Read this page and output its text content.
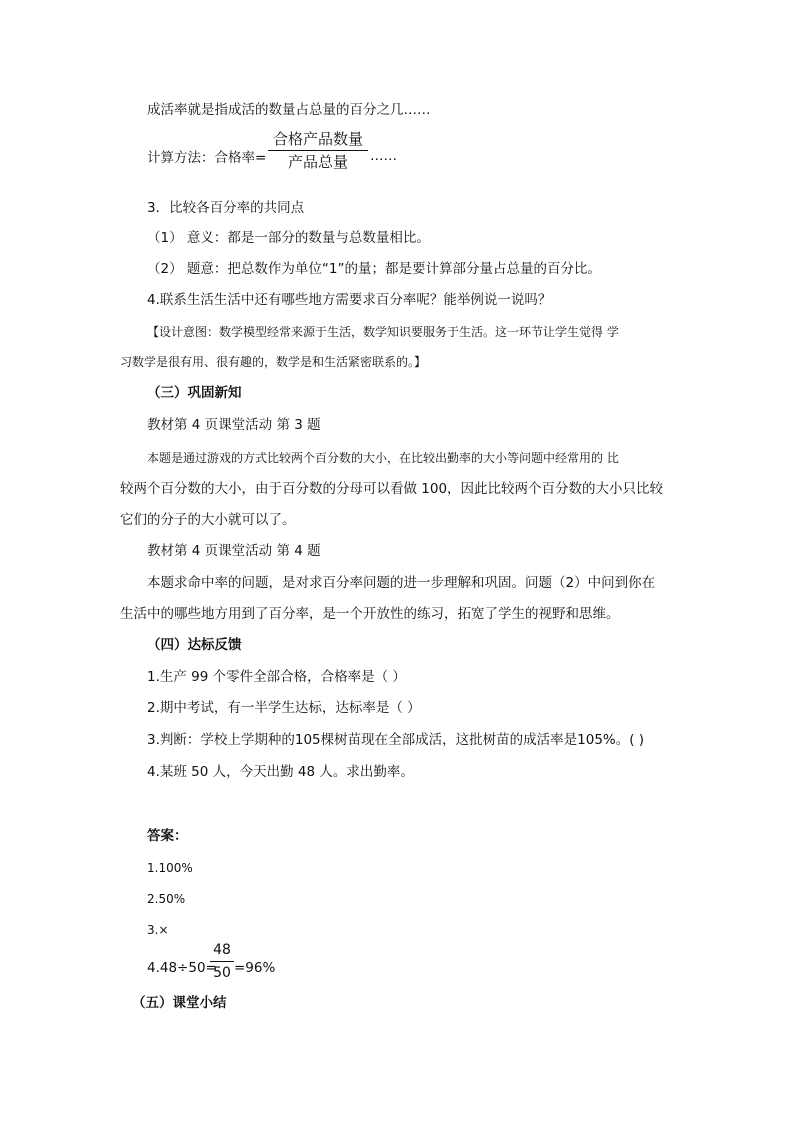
成活率就是指成活的数量占总量的百分之几……
计算方法：合格率=
合格产品数量
产品总量	……
3．比较各百分率的共同点
（1） 意义：都是一部分的数量与总数量相比。
（2） 题意：把总数作为单位“1”的量；都是要计算部分量占总量的百分比。
4.联系生活生活中还有哪些地方需要求百分率呢？能举例说一说吗？
【设计意图：数学模型经常来源于生活，数学知识要服务于生活。这一环节让学生觉得 学
习数学是很有用、很有趣的，数学是和生活紧密联系的。】
（三）巩固新知
教材第 4 页课堂活动 第 3 题
本题是通过游戏的方式比较两个百分数的大小，在比较出勤率的大小等问题中经常用的 比
较两个百分数的大小，由于百分数的分母可以看做 100，因此比较两个百分数的大小只比较
它们的分子的大小就可以了。
教材第 4 页课堂活动 第 4 题
本题求命中率的问题，是对求百分率问题的进一步理解和巩固。问题（2）中问到你在
生活中的哪些地方用到了百分率，是一个开放性的练习，拓宽了学生的视野和思维。
（四）达标反馈
1.生产 99 个零件全部合格，合格率是（ ）
2.期中考试，有一半学生达标，达标率是（ ）
3.判断：学校上学期种的105棵树苗现在全部成活，这批树苗的成活率是105%。( )
4.某班 50 人，今天出勤 48 人。求出勤率。
答案：
1.100%
2.50%
3.×
4.48÷50=
48
50 =96%
（五）课堂小结
